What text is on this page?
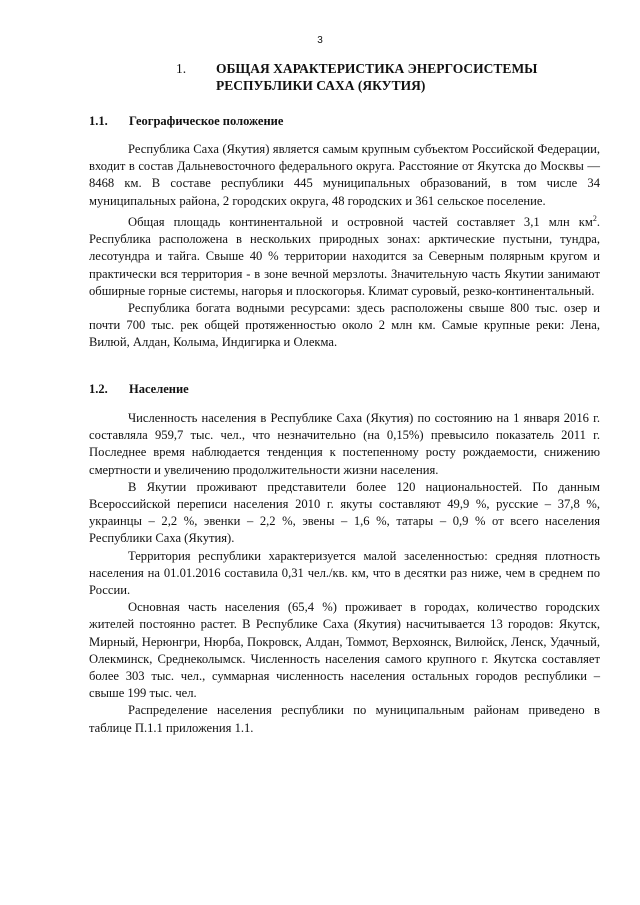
3
1. ОБЩАЯ ХАРАКТЕРИСТИКА ЭНЕРГОСИСТЕМЫ
РЕСПУБЛИКИ САХА (ЯКУТИЯ)
1.1. Географическое положение

Республика Саха (Якутия) является самым крупным субъектом Российской Федерации, входит в состав Дальневосточного федерального округа. Расстояние от Якутска до Москвы — 8468 км. В составе республики 445 муниципальных образований, в том числе 34 муниципальных района, 2 городских округа, 48 городских и 361 сельское поселение.

Общая площадь континентальной и островной частей составляет 3,1 млн $км^2$. Республика расположена в нескольких природных зонах: арктические пустыни, тундра, лесотундра и тайга. Свыше 40 % территории находится за Северным полярным кругом и практически вся территория - в зоне вечной мерзлоты. Значительную часть Якутии занимают обширные горные системы, нагорья и плоскогорья. Климат суровый, резко-континентальный.

Республика богата водными ресурсами: здесь расположены свыше 800 тыс. озер и почти 700 тыс. рек общей протяженностью около 2 млн км. Самые крупные реки: Лена, Вилюй, Алдан, Колыма, Индигирка и Олекма.

1.2. Население

Численность населения в Республике Саха (Якутия) по состоянию на 1 января 2016 г. составляла 959,7 тыс. чел., что незначительно (на 0,15%) превысило показатель 2011 г. Последнее время наблюдается тенденция к постепенному росту рождаемости, снижению смертности и увеличению продолжительности жизни населения.

В Якутии проживают представители более 120 национальностей. По данным Всероссийской переписи населения 2010 г. якуты составляют 49,9 %, русские – 37,8 %, украинцы – 2,2 %, эвенки – 2,2 %, эвены – 1,6 %, татары – 0,9 % от всего населения Республики Саха (Якутия).

Территория республики характеризуется малой заселенностью: средняя плотность населения на 01.01.2016 составила 0,31 чел./кв. км, что в десятки раз ниже, чем в среднем по России.

Основная часть населения (65,4 %) проживает в городах, количество городских жителей постоянно растет. В Республике Саха (Якутия) насчитывается 13 городов: Якутск, Мирный, Нерюнгри, Нюрба, Покровск, Алдан, Томмот, Верхоянск, Вилюйск, Ленск, Удачный, Олекминск, Среднеколымск. Численность населения самого крупного г. Якутска составляет более 303 тыс. чел., суммарная численность населения остальных городов республики – свыше 199 тыс. чел.

Распределение населения республики по муниципальным районам приведено в таблице П.1.1 приложения 1.1.
